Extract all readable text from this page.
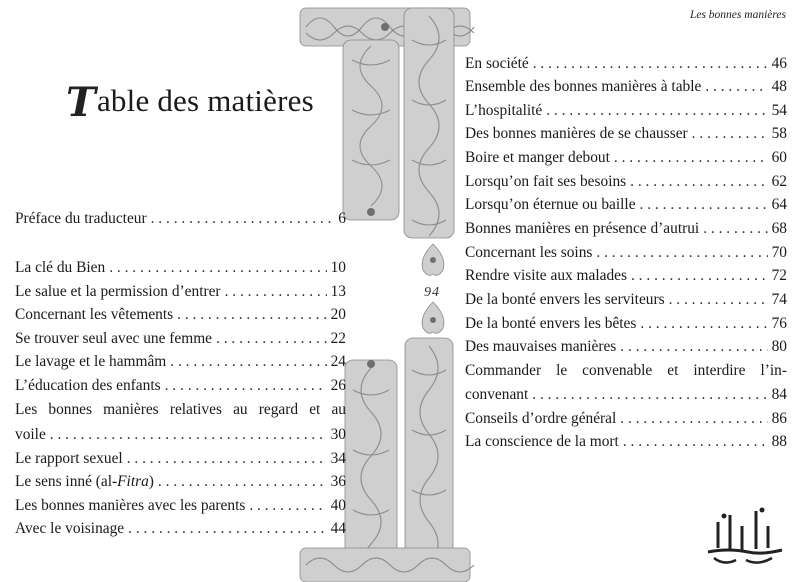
Les bonnes manières
Table des matières
94
Préface du traducteur . . .	6
La clé du Bien . . .	10
Le salue et la permission d’entrer . . .	13
Concernant les vêtements . . .	20
Se trouver seul avec une femme . . .	22
Le lavage et le hammâm . . .	24
L’éducation des enfants . . .	26
Les bonnes manières relatives au regard et au
voile . . .	30
Le rapport sexuel . . .	34
Le sens inné (al-Fitra) . . .	36
Les bonnes manières avec les parents . . .	40
Avec le voisinage . . .	44
En société . . .	46
Ensemble des bonnes manières à table . . .	48
L’hospitalité . . .	54
Des bonnes manières de se chausser . . .	58
Boire et manger debout . . .	60
Lorsqu’on fait ses besoins . . .	62
Lorsqu’on éternue ou baille . . .	64
Bonnes manières en présence d’autrui . . .	68
Concernant les soins . . .	70
Rendre visite aux malades . . .	72
De la bonté envers les serviteurs . . .	74
De la bonté envers les bêtes . . .	76
Des mauvaises manières . . .	80
Commander le convenable et interdire l’in-
convenant . . .	84
Conseils d’ordre général . . .	86
La conscience de la mort . . .	88
